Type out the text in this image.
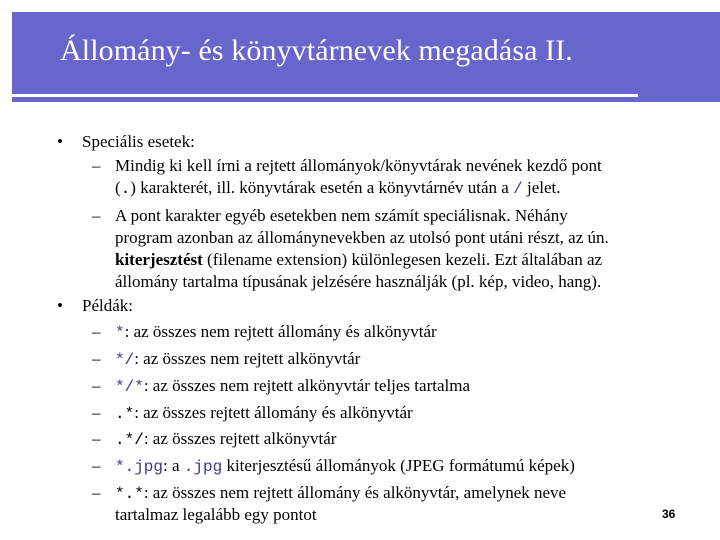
Állomány- és könyvtárnevek megadása II.
• Speciális esetek:
– Mindig ki kell írni a rejtett állományok/könyvtárak nevének kezdő pont
(.) karakterét, ill. könyvtárak esetén a könyvtárnév után a / jelet.
– A pont karakter egyéb esetekben nem számít speciálisnak. Néhány
program azonban az állománynevekben az utolsó pont utáni részt, az ún.
kiterjesztést (filename extension) különlegesen kezeli. Ezt általában az
állomány tartalma típusának jelzésére használják (pl. kép, video, hang).
• Példák:
– *: az összes nem rejtett állomány és alkönyvtár
– */: az összes nem rejtett alkönyvtár
– */*: az összes nem rejtett alkönyvtár teljes tartalma
– .*: az összes rejtett állomány és alkönyvtár
– .*/: az összes rejtett alkönyvtár
– *.jpg: a .jpg kiterjesztésű állományok (JPEG formátumú képek)
– *.*: az összes nem rejtett állomány és alkönyvtár, amelynek neve
tartalmaz legalább egy pontot	36
